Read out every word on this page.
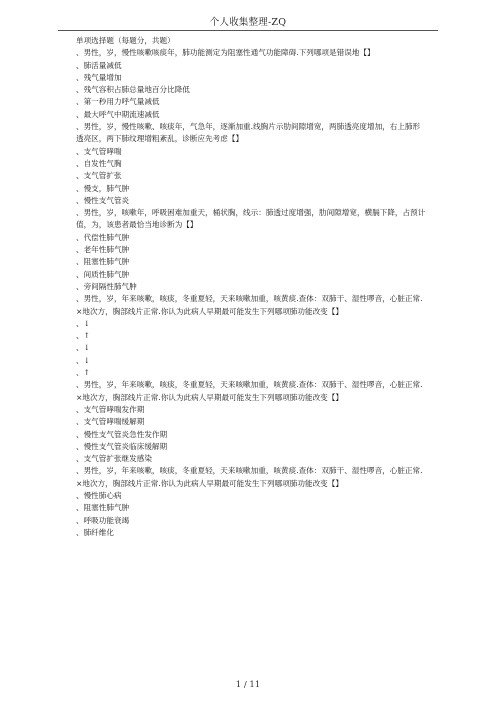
个人收集整理-ZQ
单项选择题（每题分，共题）
、男性，岁，慢性咳嗽咳痰年，肺功能测定为阻塞性通气功能障碍.下列哪项是错误地【】
、肺活量减低
、残气量增加
、残气容积占肺总量地百分比降低
、第一秒用力呼气量减低
、最大呼气中期流速减低
、男性，岁，慢性咳嗽、咳痰年，气急年，逐渐加重.线胸片示肋间隙增宽，两肺透亮度增加，右上肺形透亮区，两下肺纹理增粗紊乱，诊断应先考虑【】
、支气管哮喘
、自发性气胸
、支气管扩张
、慢支，肺气肿
、慢性支气管炎
、男性，岁，咳嗽年，呼吸困难加重天，桶状胸，线示：肺透过度增强，肋间隙增宽，横膈下降，占预计值，为，该患者最恰当地诊断为【】
、代偿性肺气肿
、老年性肺气肿
、阻塞性肺气肿
、间质性肺气肿
、旁间隔性肺气肿
、男性，岁，年来咳嗽，咳痰，冬重夏轻，天来咳嗽加重，咳黄痰.查体：双肺干、湿性啰音，心脏正常.×地次方，胸部线片正常.你认为此病人早期最可能发生下列哪项肺功能改变【】
、↓
、↑
、↓
、↓
、↑
、男性，岁，年来咳嗽，咳痰，冬重夏轻，天来咳嗽加重，咳黄痰.查体：双肺干、湿性啰音，心脏正常.×地次方，胸部线片正常.你认为此病人早期最可能发生下列哪项肺功能改变【】
、支气管哮喘发作期
、支气管哮喘缓解期
、慢性支气管炎急性发作期
、慢性支气管炎临床缓解期
、支气管扩张继发感染
、男性，岁，年来咳嗽，咳痰，冬重夏轻，天来咳嗽加重，咳黄痰.查体：双肺干、湿性啰音，心脏正常.×地次方，胸部线片正常.你认为此病人早期最可能发生下列哪项肺功能改变【】
、慢性肺心病
、阻塞性肺气肿
、呼吸功能衰竭
、肺纤维化
1 / 11
